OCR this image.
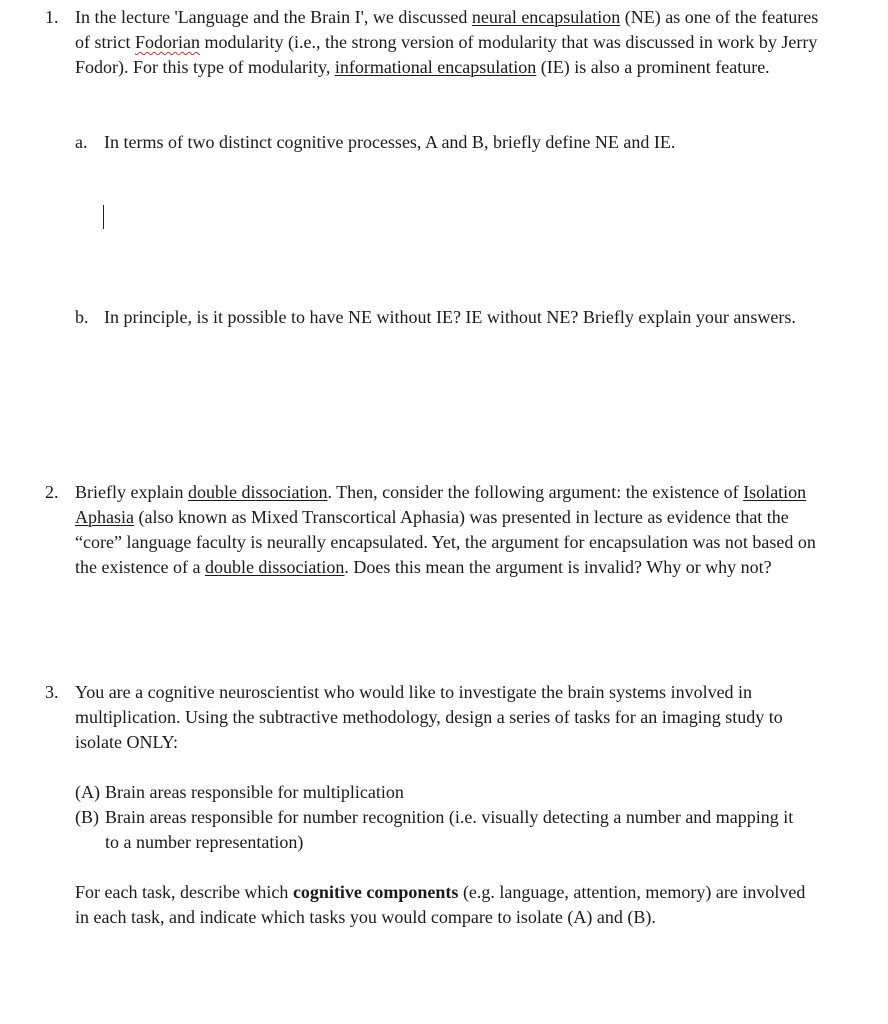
1. In the lecture 'Language and the Brain I', we discussed neural encapsulation (NE) as one of the features of strict Fodorian modularity (i.e., the strong version of modularity that was discussed in work by Jerry Fodor). For this type of modularity, informational encapsulation (IE) is also a prominent feature.
a. In terms of two distinct cognitive processes, A and B, briefly define NE and IE.
b. In principle, is it possible to have NE without IE? IE without NE? Briefly explain your answers.
2. Briefly explain double dissociation. Then, consider the following argument: the existence of Isolation Aphasia (also known as Mixed Transcortical Aphasia) was presented in lecture as evidence that the “core” language faculty is neurally encapsulated. Yet, the argument for encapsulation was not based on the existence of a double dissociation. Does this mean the argument is invalid? Why or why not?
3. You are a cognitive neuroscientist who would like to investigate the brain systems involved in multiplication. Using the subtractive methodology, design a series of tasks for an imaging study to isolate ONLY:
(A) Brain areas responsible for multiplication
(B) Brain areas responsible for number recognition (i.e. visually detecting a number and mapping it to a number representation)
For each task, describe which cognitive components (e.g. language, attention, memory) are involved in each task, and indicate which tasks you would compare to isolate (A) and (B).
